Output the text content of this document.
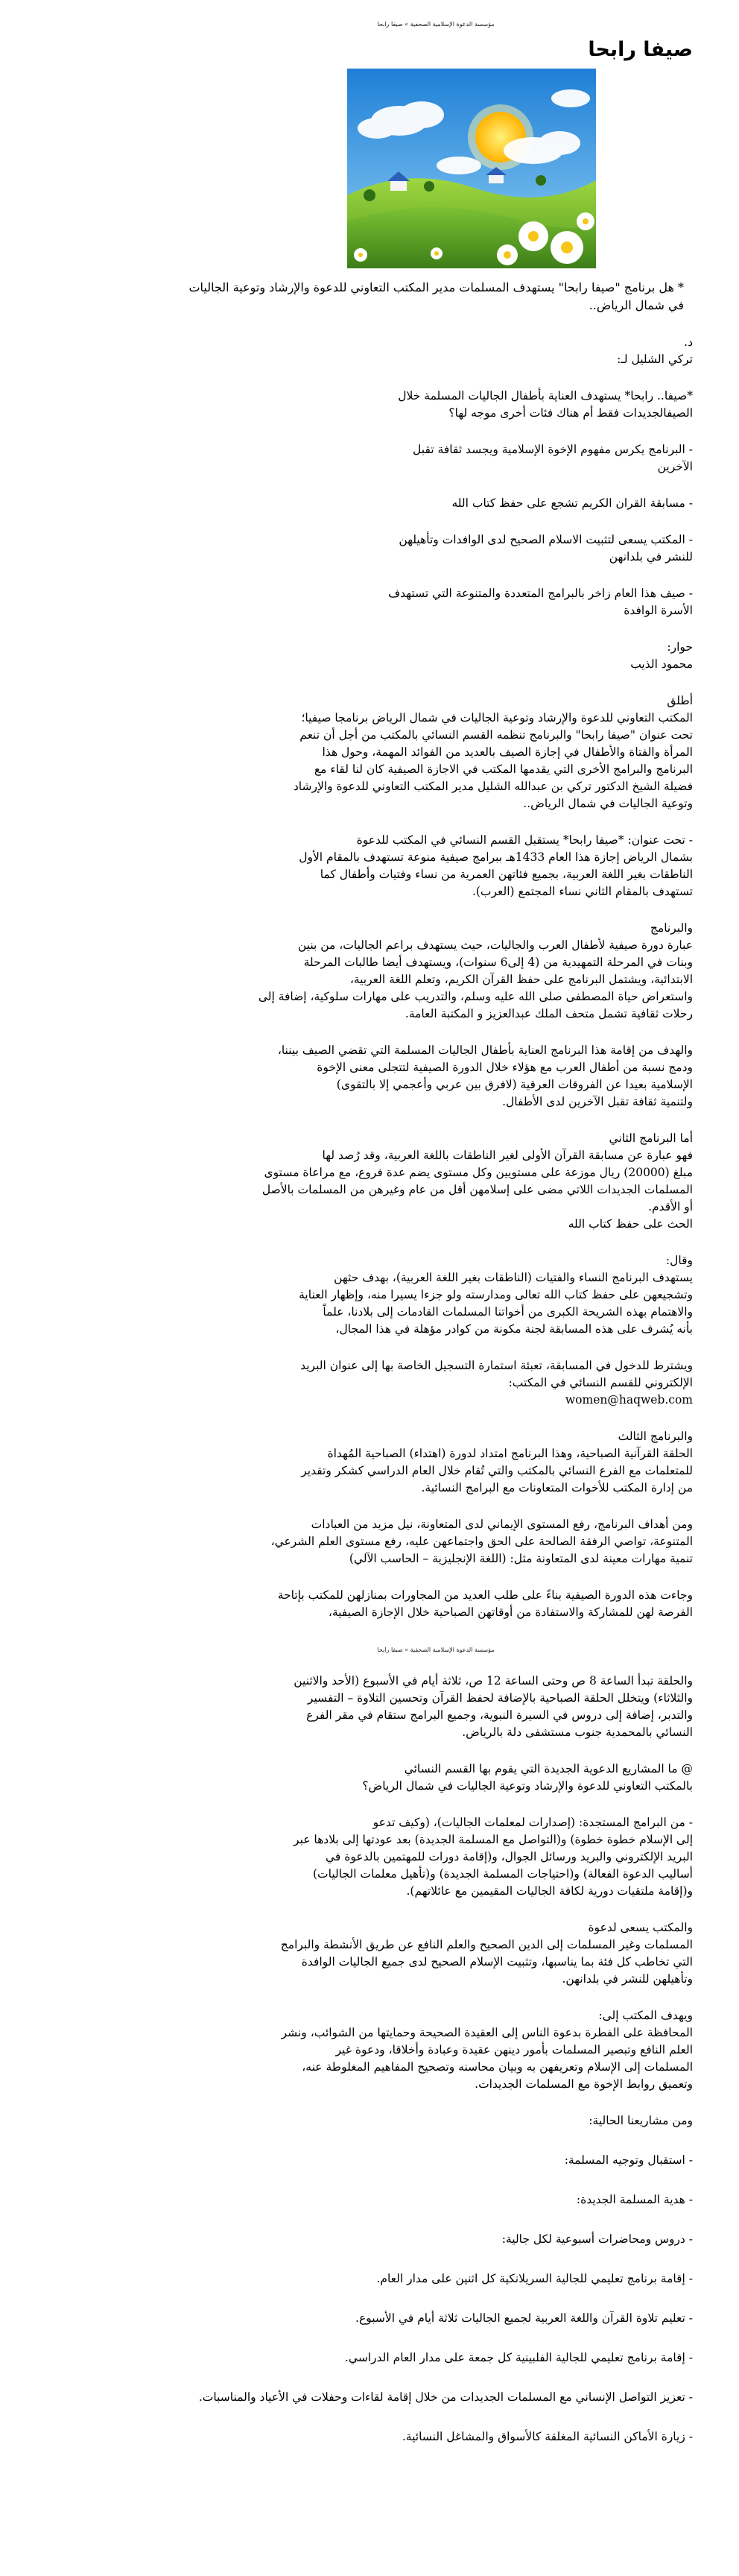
مؤسسة الدعوة الإسلامية الصحفية » صيفا رابحا
صيفا رابحا
* هل برنامج "صيفا رابحا" يستهدف المسلمات مدير المكتب التعاوني للدعوة والإرشاد وتوعية الجاليات في شمال الرياض..

د.

تركي الشليل لـ:

*صيفا.. رابحا* يستهدف العناية بأطفال الجاليات المسلمة خلال

الصيفالجديدات فقط أم هناك فئات أخرى موجه لها؟

- البرنامج يكرس مفهوم الإخوة الإسلامية ويجسد ثقافة تقبل

الآخرين

- مسابقة القران الكريم تشجع على حفظ كتاب الله

- المكتب يسعى لتثبيت الاسلام الصحيح لدى الوافدات وتأهيلهن

للنشر في بلدانهن

- صيف هذا العام زاخر بالبرامج المتعددة والمتنوعة التي تستهدف

الأسرة الوافدة

حوار:

محمود الذيب

أطلق

المكتب التعاوني للدعوة والإرشاد وتوعية الجاليات في شمال الرياض برنامجا صيفيا؛

تحت عنوان "صيفا رابحا" والبرنامج تنظمه القسم النسائي بالمكتب من أجل أن تنعم

المرأة والفتاة والأطفال في إجازة الصيف بالعديد من الفوائد المهمة، وحول هذا

البرنامج والبرامج الأخرى التي يقدمها المكتب في الاجازة الصيفية كان لنا لقاء مع

فضيلة الشيخ الدكتور تركي بن عبدالله الشليل مدير المكتب التعاوني للدعوة والإرشاد

وتوعية الجاليات في شمال الرياض..

- تحت عنوان: *صيفا رابحا* يستقبل القسم النسائي في المكتب للدعوة

بشمال الرياض إجازة هذا العام 1433هـ ببرامج صيفية منوعة تستهدف بالمقام الأول

الناطقات بغير اللغة العربية، بجميع فئاتهن العمرية من نساء وفتيات وأطفال كما

تستهدف بالمقام الثاني نساء المجتمع (العرب).

والبرنامج

عبارة دورة صيفية لأطفال العرب والجاليات، حيث يستهدف براعم الجاليات، من بنين

وبنات في المرحلة التمهيدية من (4 إلى6 سنوات)، ويستهدف أيضا طالبات المرحلة

الابتدائية، ويشتمل البرنامج على حفظ القرآن الكريم، وتعلم اللغة العربية،

واستعراض حياة المصطفى صلى الله عليه وسلم، والتدريب على مهارات سلوكية، إضافة إلى

رحلات ثقافية تشمل متحف الملك عبدالعزيز و المكتبة العامة.

والهدف من إقامة هذا البرنامج العناية بأطفال الجاليات المسلمة التي تقضي الصيف بيننا،

ودمج نسبة من أطفال العرب مع هؤلاء خلال الدورة الصيفية لتتجلى معنى الإخوة

الإسلامية بعيدا عن الفروقات العرقية (لافرق بين عربي وأعجمي إلا بالتقوى)

ولتنمية ثقافة تقبل الآخرين لدى الأطفال.

أما البرنامج الثاني

فهو عبارة عن مسابقة القرآن الأولى لغير الناطقات باللغة العربية، وقد رُصد لها

مبلغ (20000) ريال موزعة على مستويين وكل مستوى يضم عدة فروع، مع مراعاة مستوى

المسلمات الجديدات اللاتي مضى على إسلامهن أقل من عام وغيرهن من المسلمات بالأصل

أو الأقدم.

الحث على حفظ كتاب الله

وقال:

يستهدف البرنامج النساء والفتيات (الناطقات بغير اللغة العربية)، بهدف حثهن

وتشجيعهن على حفظ كتاب الله تعالى ومدارسته ولو جزءا يسيرا منه، وإظهار العناية

والاهتمام بهذه الشريحة الكبرى من أخواتنا المسلمات القادمات إلى بلادنا، علماً

بأنه يُشرف على هذه المسابقة لجنة مكونة من كوادر مؤهلة في هذا المجال،

ويشترط للدخول في المسابقة، تعبئة استمارة التسجيل الخاصة بها إلى عنوان البريد

الإلكتروني للقسم النسائي في المكتب:

women@haqweb.com

والبرنامج الثالث

الحلقة القرآنية الصباحية، وهذا البرنامج امتداد لدورة (اهتداء) الصباحية المُهداة

للمتعلمات مع الفرع النسائي بالمكتب والتي تُقام خلال العام الدراسي كشكر وتقدير

من إدارة المكتب للأخوات المتعاونات مع البرامج النسائية.

ومن أهداف البرنامج، رفع المستوى الإيماني لدى المتعاونة، نيل مزيد من العبادات

المتنوعة، تواصي الرفقة الصالحة على الحق واجتماعهن عليه، رفع مستوى العلم الشرعي،

تنمية مهارات معينة لدى المتعاونة مثل: (اللغة الإنجليزية – الحاسب الآلي)

وجاءت هذه الدورة الصيفية بناءً على طلب العديد من المجاورات بمنازلهن للمكتب بإتاحة

الفرصة لهن للمشاركة والاستفادة من أوقاتهن الصباحية خلال الإجازة الصيفية،

مؤسسة الدعوة الإسلامية الصحفية » صيفا رابحا

والحلقة تبدأ الساعة 8 ص وحتى الساعة 12 ص، ثلاثة أيام في الأسبوع (الأحد والاثنين

والثلاثاء) ويتخلل الحلقة الصباحية بالإضافة لحفظ القرآن وتحسين التلاوة – التفسير

والتدبر، إضافة إلى دروس في السيرة النبوية، وجميع البرامج ستقام في مقر الفرع

النسائي بالمحمدية جنوب مستشفى دلة بالرياض.

@ ما المشاريع الدعوية الجديدة التي يقوم بها القسم النسائي

بالمكتب التعاوني للدعوة والإرشاد وتوعية الجاليات في شمال الرياض؟

- من البرامج المستجدة: (إصدارات لمعلمات الجاليات)، (وكيف تدعو

إلى الإسلام خطوة خطوة) و(التواصل مع المسلمة الجديدة) بعد عودتها إلى بلادها عبر

البريد الإلكتروني والبريد ورسائل الجوال، و(إقامة دورات للمهتمين بالدعوة في

أساليب الدعوة الفعالة) و(احتياجات المسلمة الجديدة) و(تأهيل معلمات الجاليات)

و(إقامة ملتقيات دورية لكافة الجاليات المقيمين مع عائلاتهم).

والمكتب يسعى لدعوة

المسلمات وغير المسلمات إلى الدين الصحيح والعلم النافع عن طريق الأنشطة والبرامج

التي تخاطب كل فئة بما يناسبها، وتثبيت الإسلام الصحيح لدى جميع الجاليات الوافدة

وتأهيلهن للنشر في بلدانهن.

ويهدف المكتب إلى:

المحافظة على الفطرة بدعوة الناس إلى العقيدة الصحيحة وحمايتها من الشوائب، ونشر

العلم النافع وتبصير المسلمات بأمور دينهن عقيدة وعبادة وأخلاقا، ودعوة غير

المسلمات إلى الإسلام وتعريفهن به وبيان محاسنه وتصحيح المفاهيم المغلوطة عنه،

وتعميق روابط الإخوة مع المسلمات الجديدات.

ومن مشاريعنا الحالية:
- استقبال وتوجيه المسلمة:
- هدية المسلمة الجديدة:
- دروس ومحاضرات أسبوعية لكل جالية:
- إقامة برنامج تعليمي للجالية السريلانكية كل اثنين على مدار العام.
- تعليم تلاوة القرآن واللغة العربية لجميع الجاليات ثلاثة أيام في الأسبوع.
- إقامة برنامج تعليمي للجالية الفلبينية كل جمعة على مدار العام الدراسي.
- تعزيز التواصل الإنساني مع المسلمات الجديدات من خلال إقامة لقاءات وحفلات في الأعياد والمناسبات.
- زيارة الأماكن النسائية المغلقة كالأسواق والمشاغل النسائية.
